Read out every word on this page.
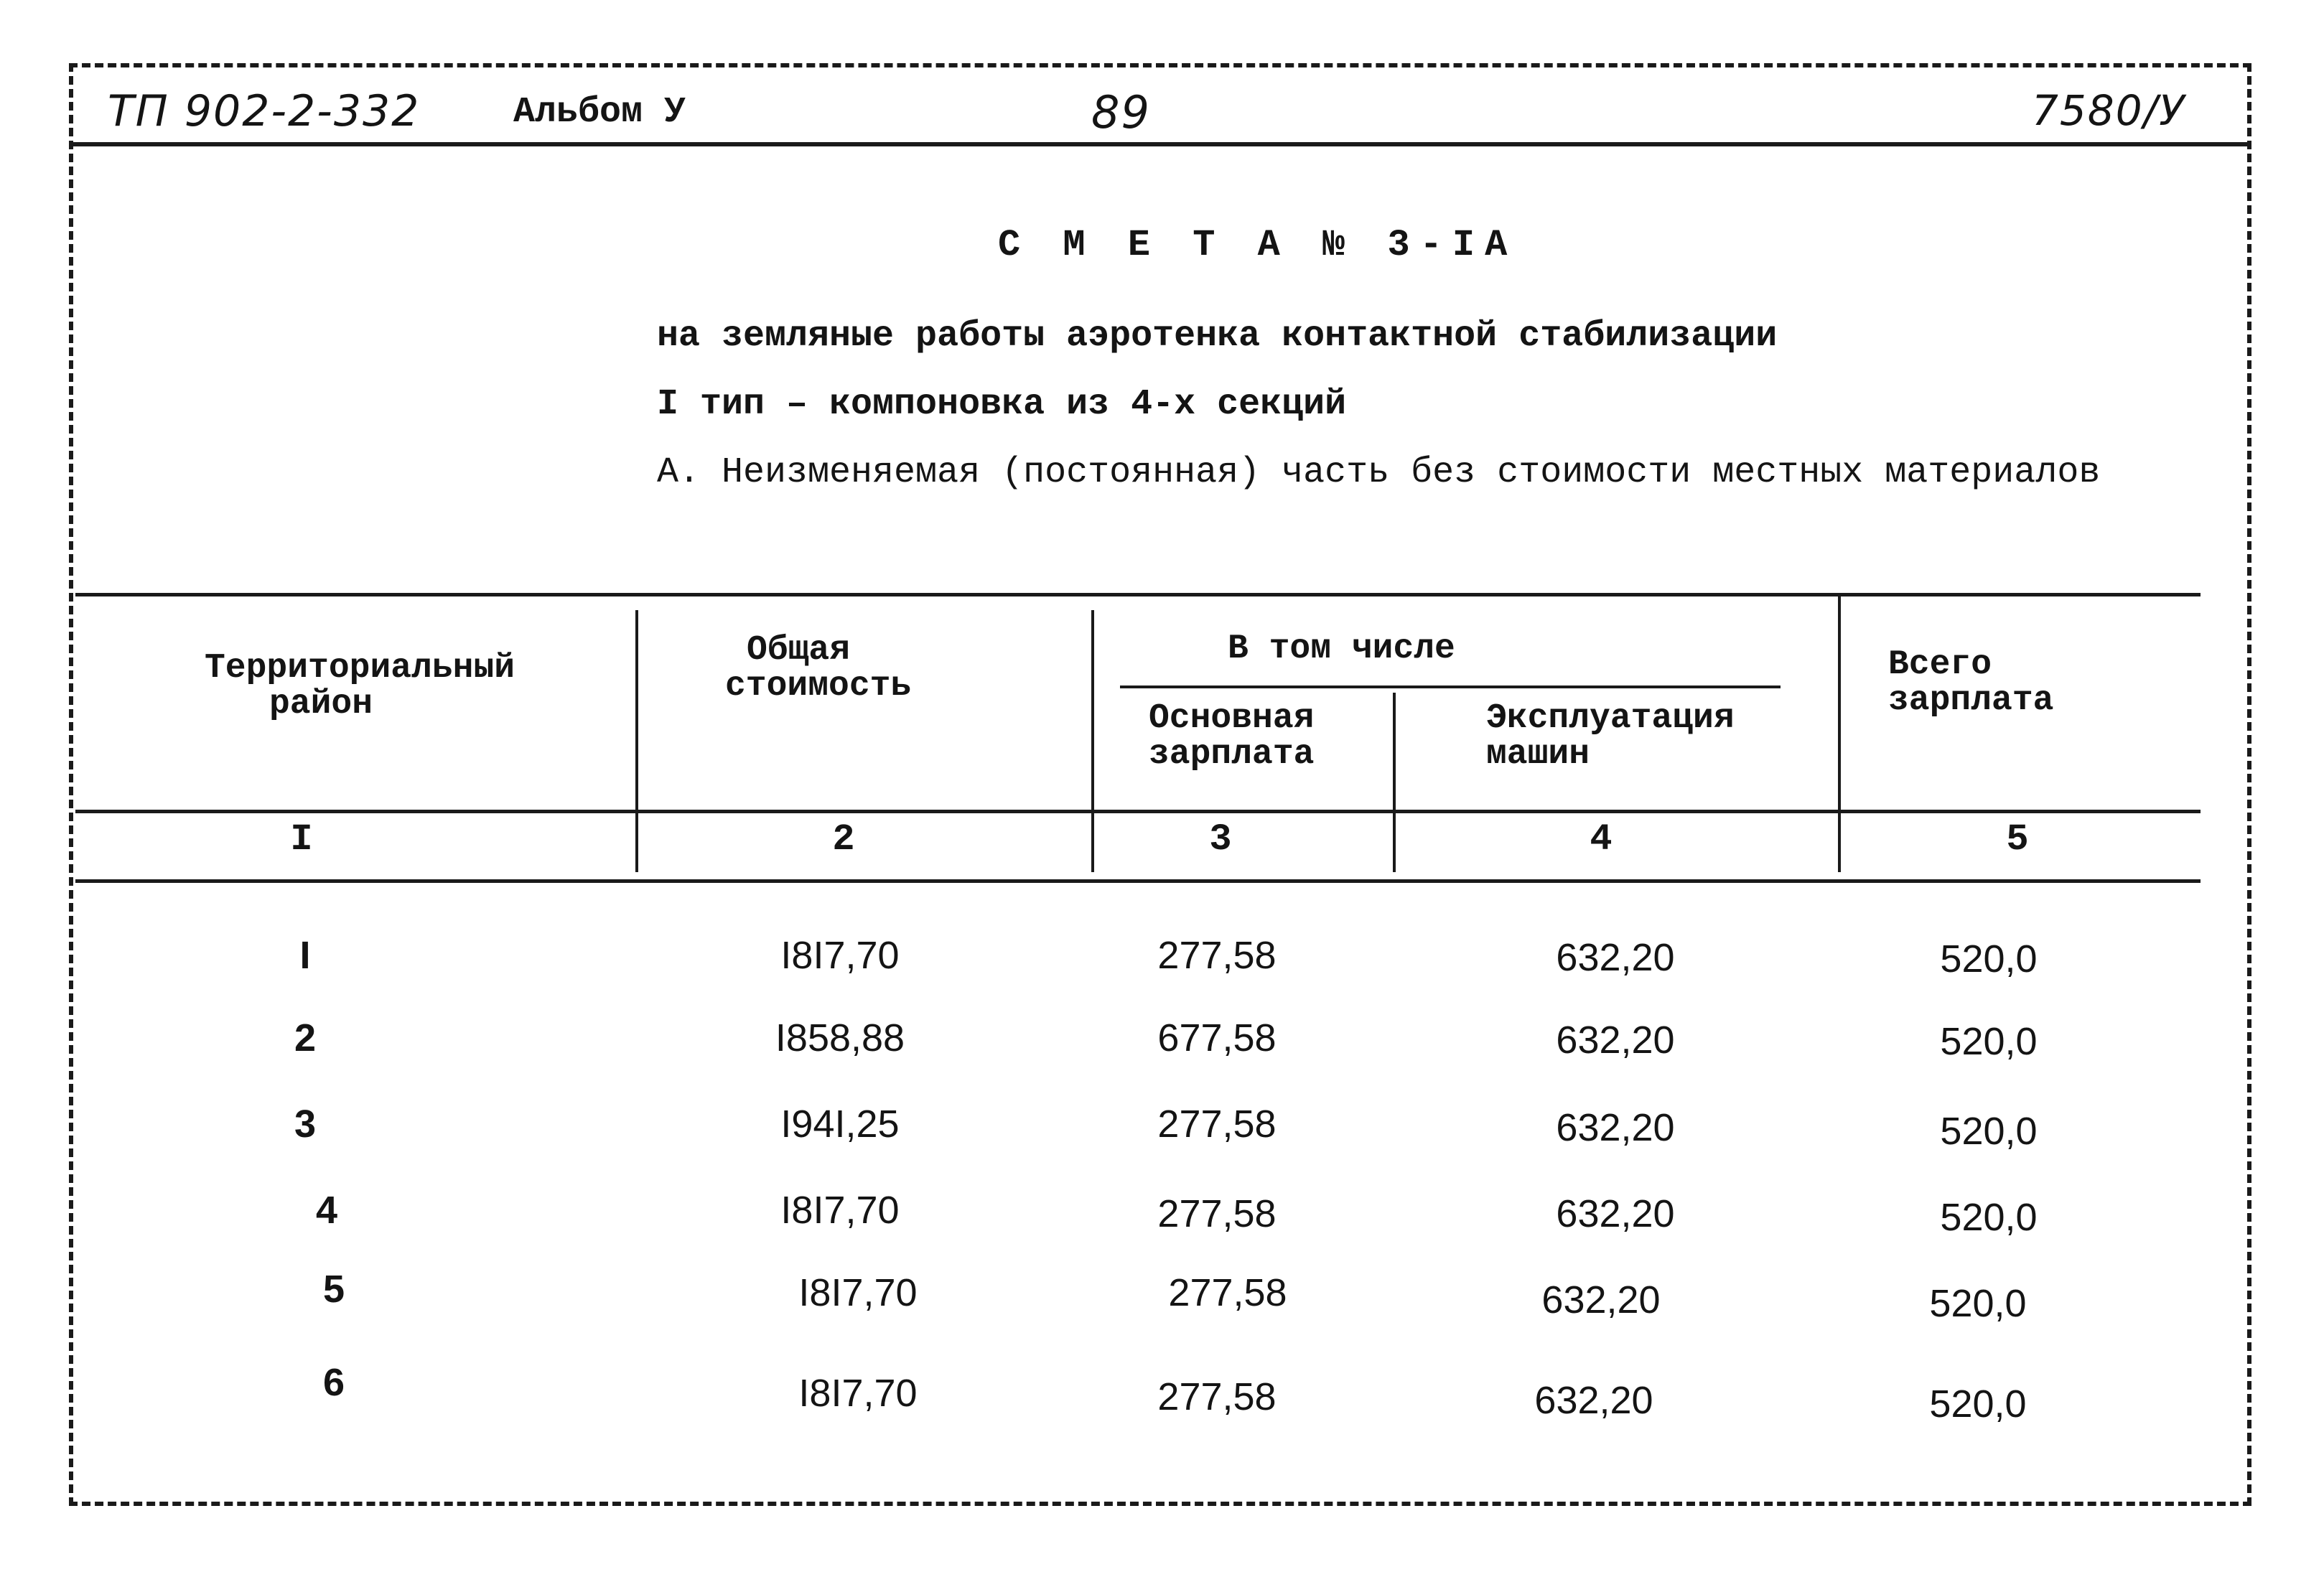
ТП 902-2-332	Альбом У	89	7580/У
С М Е Т А № 3-IA
на земляные работы аэротенка контактной стабилизации
I тип – компоновка из 4-х секций
А. Неизменяемая (постоянная) часть без стоимости местных материалов
Территориальный
район
Общая
стоимость
В том числе
Основная
зарплата
Эксплуатация
машин
Всего
зарплата
I	2	3	4	5
I	I8I7,70	277,58	632,20	520,0
2	I858,88	677,58	632,20	520,0
3	I94I,25	277,58	632,20	520,0
4	I8I7,70	277,58	632,20	520,0
5	I8I7,70	277,58	632,20	520,0
6	I8I7,70	277,58	632,20	520,0
